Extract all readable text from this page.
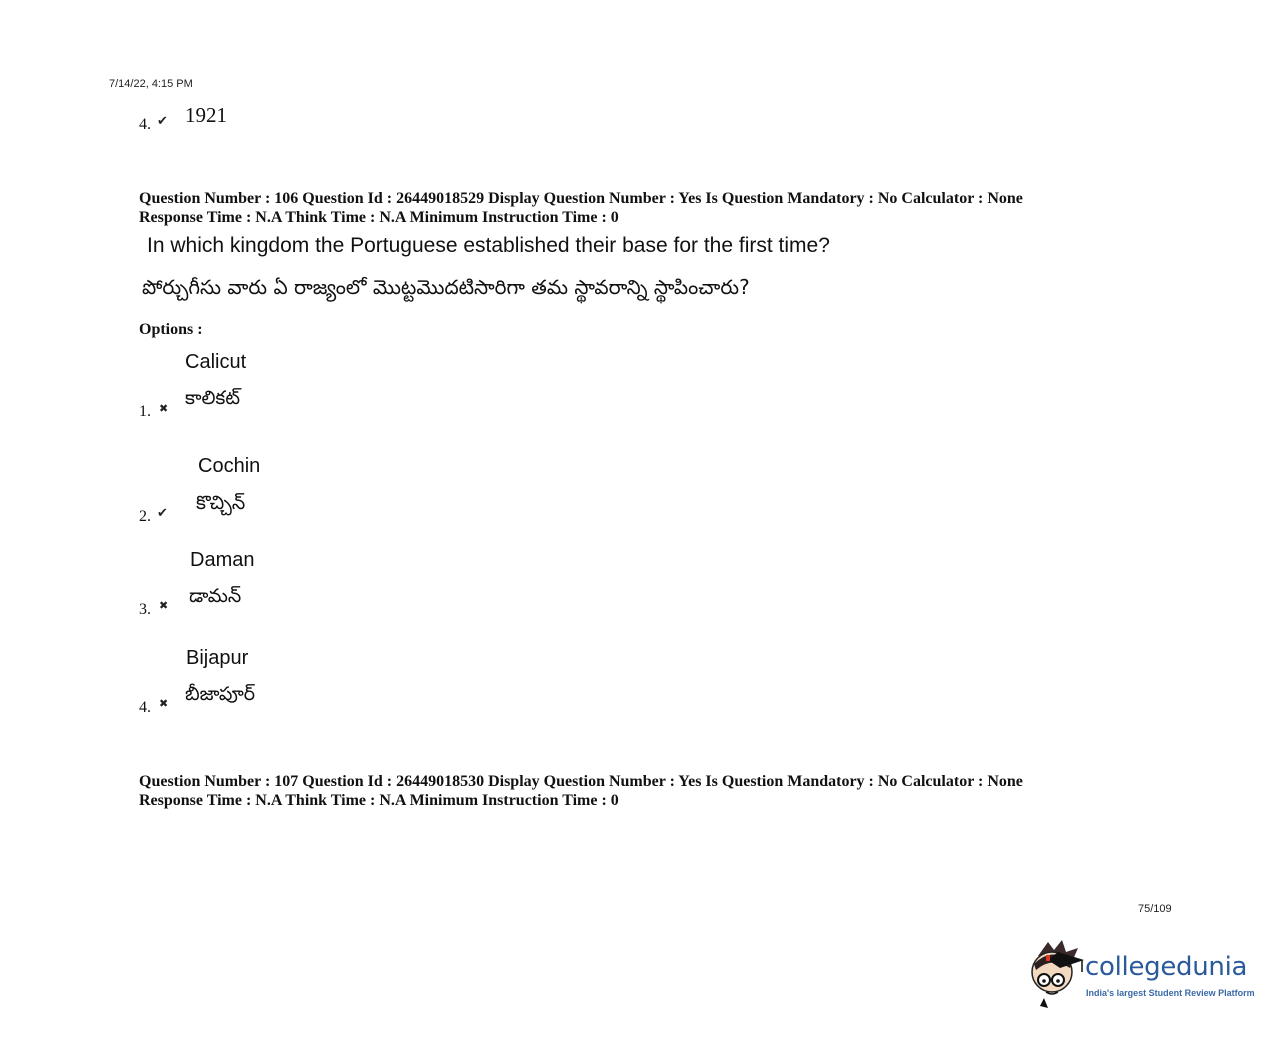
7/14/22, 4:15 PM
4. ✔ 1921
Question Number : 106 Question Id : 26449018529 Display Question Number : Yes Is Question Mandatory : No Calculator : None
Response Time : N.A Think Time : N.A Minimum Instruction Time : 0
In which kingdom the Portuguese established their base for the first time?
పోర్చుగీసు వారు ఏ రాజ్యంలో మొట్టమొదటిసారిగా తమ స్థావరాన్ని స్థాపించారు?
Options :
Calicut
కాలికట్
1. ✖
Cochin
కొచ్చిన్
2. ✔
Daman
డామన్
3. ✖
Bijapur
బీజాపూర్
4. ✖
Question Number : 107 Question Id : 26449018530 Display Question Number : Yes Is Question Mandatory : No Calculator : None
Response Time : N.A Think Time : N.A Minimum Instruction Time : 0
75/109
collegedunia
India's largest Student Review Platform
